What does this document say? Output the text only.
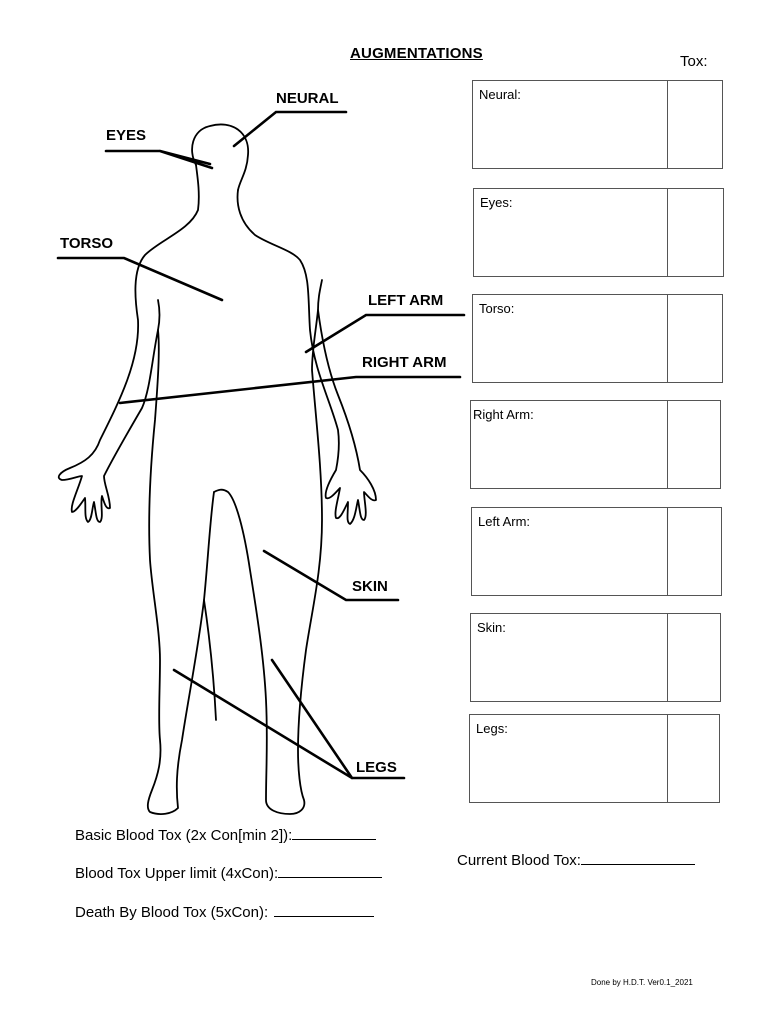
AUGMENTATIONS	Tox:
NEURAL
EYES
TORSO
LEFT ARM
RIGHT ARM
SKIN
LEGS
Neural:
Eyes:
Torso:
Right Arm:
Left Arm:
Skin:
Legs:
Basic Blood Tox (2x Con[min 2]):
Blood Tox Upper limit (4xCon):
Death By Blood Tox (5xCon):
Current Blood Tox:
Done by H.D.T. Ver0.1_2021
